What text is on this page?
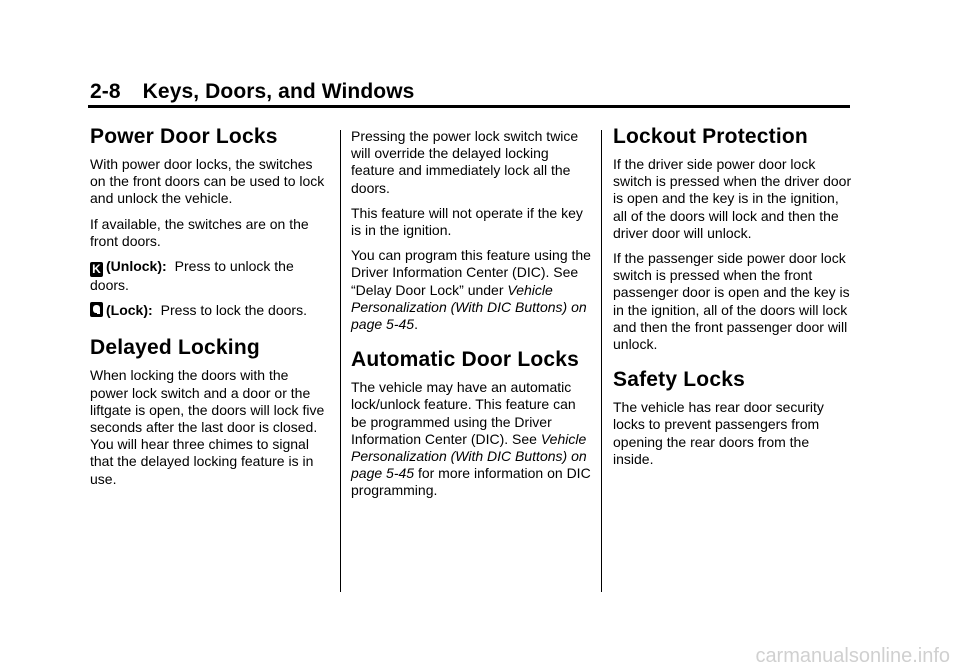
2-8 Keys, Doors, and Windows
Power Door Locks

With power door locks, the switches on the front doors can be used to lock and unlock the vehicle.

If available, the switches are on the front doors.

K (Unlock): Press to unlock the doors.

(Lock): Press to lock the doors.

Delayed Locking

When locking the doors with the power lock switch and a door or the liftgate is open, the doors will lock five seconds after the last door is closed. You will hear three chimes to signal that the delayed locking feature is in use.

Pressing the power lock switch twice will override the delayed locking feature and immediately lock all the doors.

This feature will not operate if the key is in the ignition.

You can program this feature using the Driver Information Center (DIC). See “Delay Door Lock” under Vehicle Personalization (With DIC Buttons) on page 5-45.

Automatic Door Locks

The vehicle may have an automatic lock/unlock feature. This feature can be programmed using the Driver Information Center (DIC). See Vehicle Personalization (With DIC Buttons) on page 5-45 for more information on DIC programming.

Lockout Protection

If the driver side power door lock switch is pressed when the driver door is open and the key is in the ignition, all of the doors will lock and then the driver door will unlock.

If the passenger side power door lock switch is pressed when the front passenger door is open and the key is in the ignition, all of the doors will lock and then the front passenger door will unlock.

Safety Locks

The vehicle has rear door security locks to prevent passengers from opening the rear doors from the inside.

carmanualsonline.info
